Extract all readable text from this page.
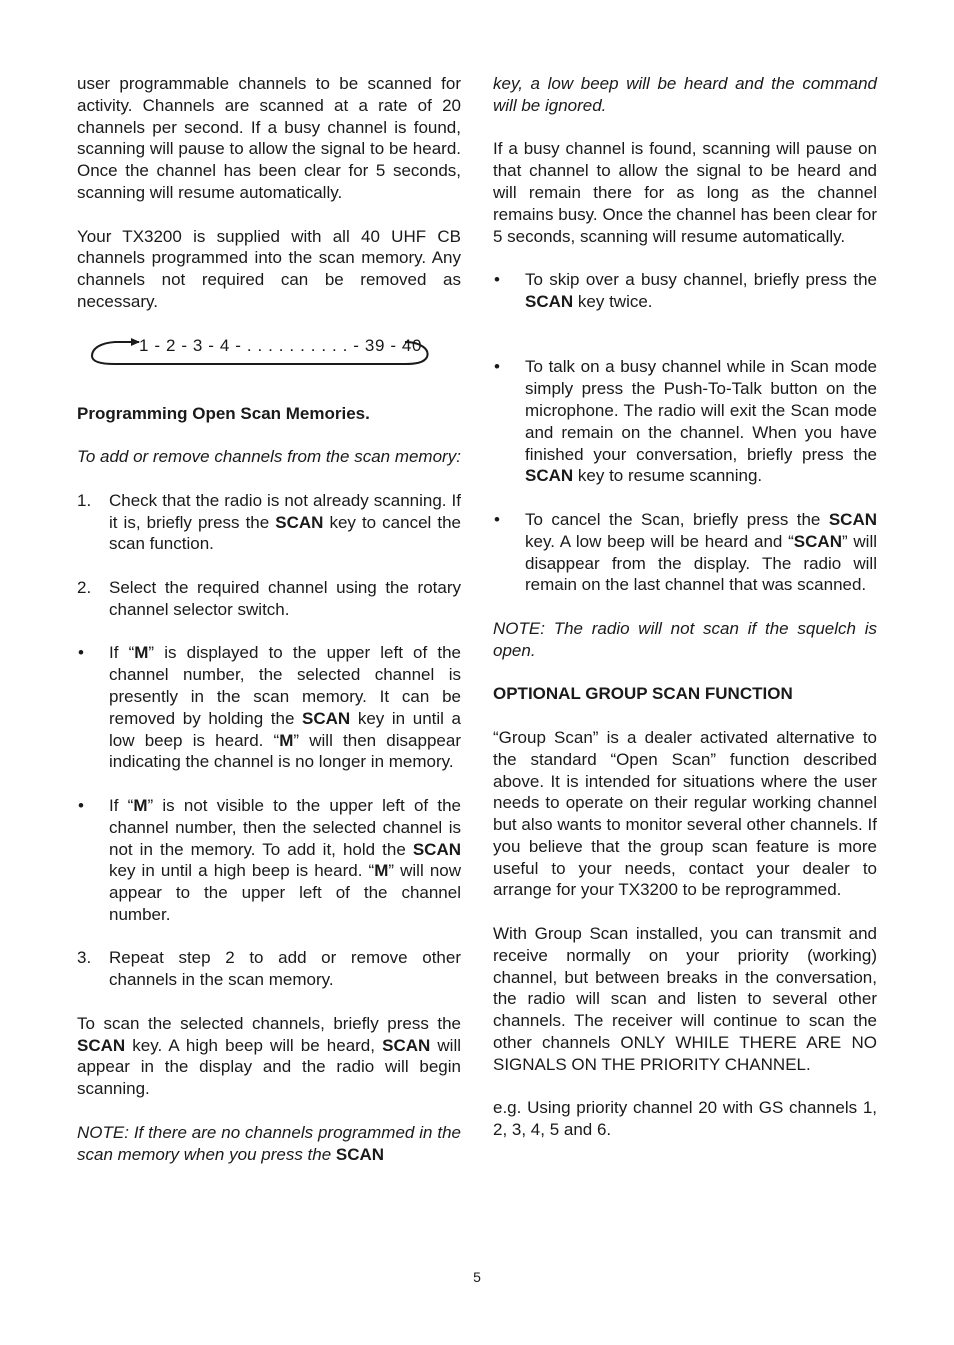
user programmable channels to be scanned for activity. Channels are scanned at a rate of 20 channels per second. If a busy channel is found, scanning will pause to allow the signal to be heard. Once the channel has been clear for 5 seconds, scanning will resume automatically.

Your TX3200 is supplied with all 40 UHF CB channels programmed into the scan memory. Any channels not required can be removed as necessary.

1 - 2 - 3 - 4 - . . . . . . . . . . - 39 - 40

Programming Open Scan Memories.

To add or remove channels from the scan memory:

1. Check that the radio is not already scanning. If it is, briefly press the SCAN key to cancel the scan function.
2. Select the required channel using the rotary channel selector switch.
• If “M” is displayed to the upper left of the channel number, the selected channel is presently in the scan memory. It can be removed by holding the SCAN key in until a low beep is heard. “M” will then disappear indicating the channel is no longer in memory.
• If “M” is not visible to the upper left of the channel number, then the selected channel is not in the memory. To add it, hold the SCAN key in until a high beep is heard. “M” will now appear to the upper left of the channel number.
3. Repeat step 2 to add or remove other channels in the scan memory.

To scan the selected channels, briefly press the SCAN key. A high beep will be heard, SCAN will appear in the display and the radio will begin scanning.

NOTE: If there are no channels programmed in the scan memory when you press the SCAN

key, a low beep will be heard and the command will be ignored.

If a busy channel is found, scanning will pause on that channel to allow the signal to be heard and will remain there for as long as the channel remains busy. Once the channel has been clear for 5 seconds, scanning will resume automatically.

• To skip over a busy channel, briefly press the SCAN key twice.
• To talk on a busy channel while in Scan mode simply press the Push-To-Talk button on the microphone. The radio will exit the Scan mode and remain on the channel. When you have finished your conversation, briefly press the SCAN key to resume scanning.
• To cancel the Scan, briefly press the SCAN key. A low beep will be heard and “SCAN” will disappear from the display. The radio will remain on the last channel that was scanned.

NOTE: The radio will not scan if the squelch is open.

OPTIONAL GROUP SCAN FUNCTION

“Group Scan” is a dealer activated alternative to the standard “Open Scan” function described above. It is intended for situations where the user needs to operate on their regular working channel but also wants to monitor several other channels. If you believe that the group scan feature is more useful to your needs, contact your dealer to arrange for your TX3200 to be reprogrammed.

With Group Scan installed, you can transmit and receive normally on your priority (working) channel, but between breaks in the conversation, the radio will scan and listen to several other channels. The receiver will continue to scan the other channels ONLY WHILE THERE ARE NO SIGNALS ON THE PRIORITY CHANNEL.

e.g. Using priority channel 20 with GS channels 1, 2, 3, 4, 5 and 6.

5
